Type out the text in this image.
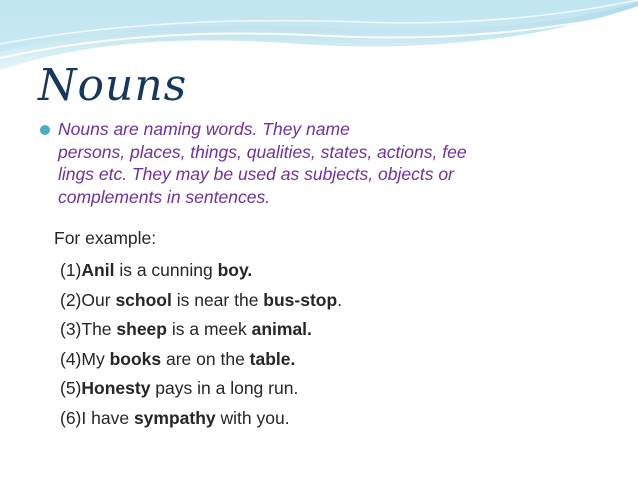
Nouns

Nouns are naming words. They name
persons, places, things, qualities, states, actions, fee
lings etc. They may be used as subjects, objects or
complements in sentences.

For example:

(1)Anil is a cunning boy.
(2)Our school is near the bus-stop.
(3)The sheep is a meek animal.
(4)My books are on the table.
(5)Honesty pays in a long run.
(6)I have sympathy with you.
